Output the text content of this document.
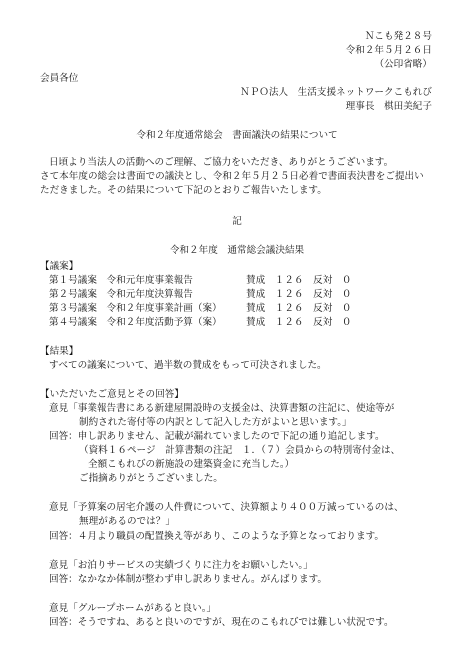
Ｎこも発２８号
令和２年５月２６日
（公印省略）
会員各位
ＮＰＯ法人　生活支援ネットワークこもれび
理事長　棋田美紀子
令和２年度通常総会　書面議決の結果について
日頃より当法人の活動へのご理解、ご協力をいただき、ありがとうございます。
さて本年度の総会は書面での議決とし、令和２年５月２５日必着で書面表決書をご提出い
ただきました。その結果について下記のとおりご報告いたします。
記
令和２年度　通常総会議決結果
【議案】
第１号議案　令和元年度事業報告	賛成　１２６　反対　０
第２号議案　令和元年度決算報告	賛成　１２６　反対　０
第３号議案　令和２年度事業計画（案）	賛成　１２６　反対　０
第４号議案　令和２年度活動予算（案）	賛成　１２６　反対　０
【結果】
すべての議案について、過半数の賛成をもって可決されました。
【いただいたご意見とその回答】
意見「事業報告書にある新建屋開設時の支援金は、決算書類の注記に、使途等が
制約された寄付等の内訳として記入した方がよいと思います。」
回答：申し訳ありません、記載が漏れていましたので下記の通り追記します。
（資料１６ページ　計算書類の注記　１．（７）会員からの特別寄付金は、
全額こもれびの新施設の建築資金に充当した。）
ご指摘ありがとうございました。
意見「予算案の居宅介護の人件費について、決算額より４００万減っているのは、
無理があるのでは？」
回答：４月より職員の配置換え等があり、このような予算となっております。
意見「お泊りサービスの実績づくりに注力をお願いしたい。」
回答：なかなか体制が整わず申し訳ありません。がんばります。
意見「グループホームがあると良い。」
回答：そうですね、あると良いのですが、現在のこもれびでは難しい状況です。
